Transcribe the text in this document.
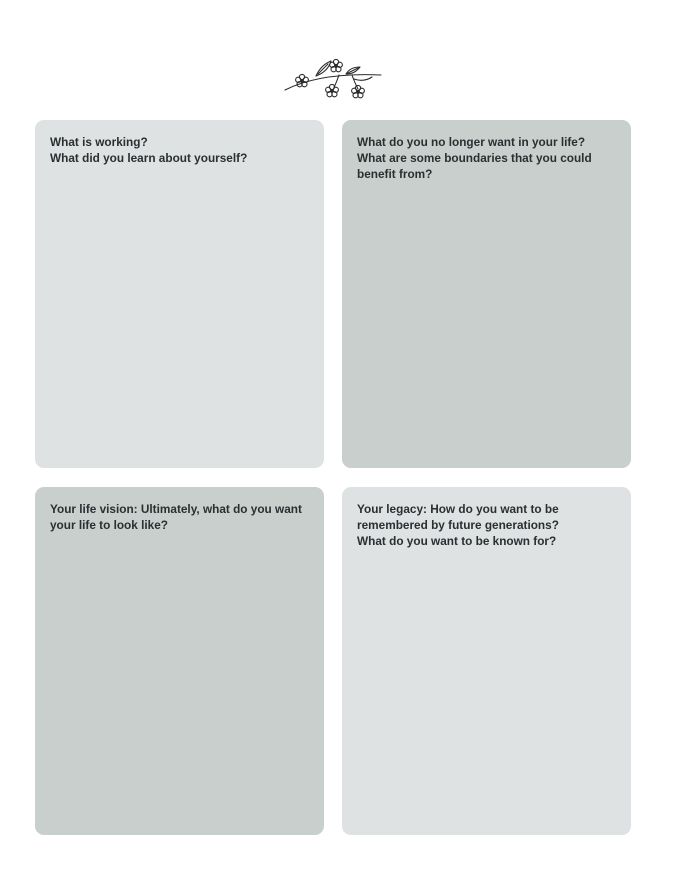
What is working?
What did you learn about yourself?

What do you no longer want in your life?
What are some boundaries that you could benefit from?

Your life vision: Ultimately, what do you want your life to look like?

Your legacy: How do you want to be remembered by future generations?
What do you want to be known for?
